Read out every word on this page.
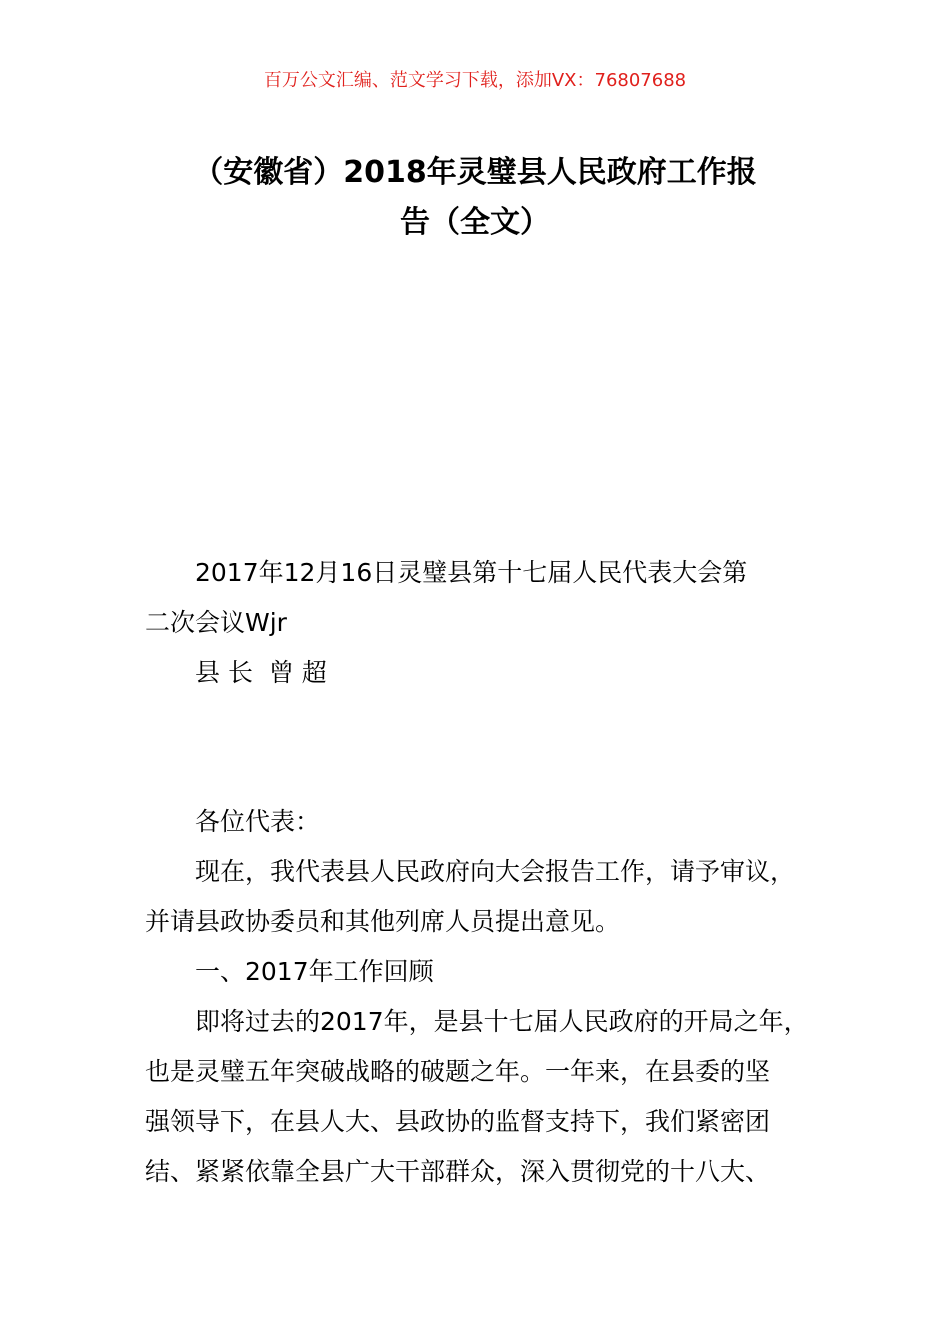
百万公文汇编、范文学习下载，添加VX：76807688
（安徽省）2018年灵璧县人民政府工作报
告（全文）
2017年12月16日灵璧县第十七届人民代表大会第
二次会议Wjr
县 长  曾 超
各位代表：
现在，我代表县人民政府向大会报告工作，请予审议，
并请县政协委员和其他列席人员提出意见。
一、2017年工作回顾
即将过去的2017年，是县十七届人民政府的开局之年，
也是灵璧五年突破战略的破题之年。一年来，在县委的坚
强领导下，在县人大、县政协的监督支持下，我们紧密团
结、紧紧依靠全县广大干部群众，深入贯彻党的十八大、
